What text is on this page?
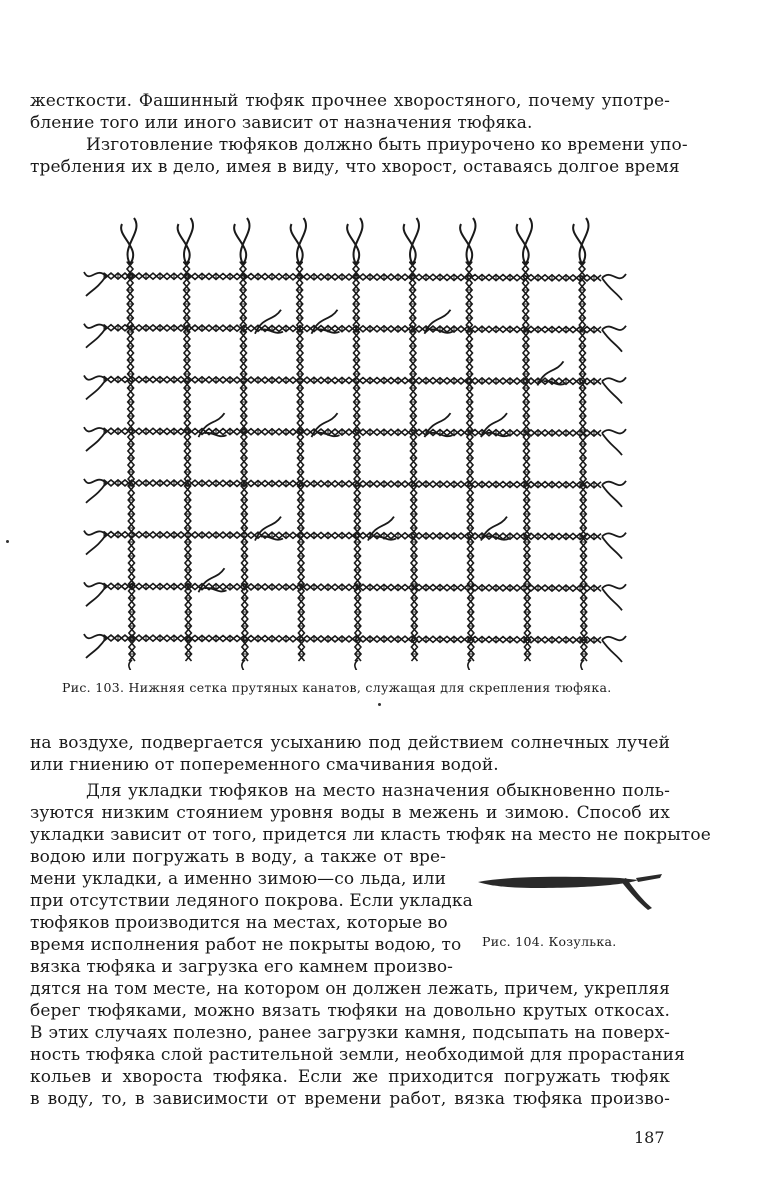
жесткости. Фашинный тюфяк прочнее хворостяного, почему употре-
бление того или иного зависит от назначения тюфяка.
Изготовление тюфяков должно быть приурочено ко времени упо-
требления их в дело, имея в виду, что хворост, оставаясь долгое время
Рис. 103. Нижняя сетка прутяных канатов, служащая для скрепления тюфяка.
на воздухе, подвергается усыханию под действием солнечных лучей
или гниению от попеременного смачивания водой.
Для укладки тюфяков на место назначения обыкновенно поль-
зуются низким стоянием уровня воды в межень и зимою. Способ их
укладки зависит от того, придется ли класть тюфяк на место не покрытое
водою или погружать в воду, а также от вре-
мени укладки, а именно зимою—со льда, или
при отсутствии ледяного покрова. Если укладка
тюфяков производится на местах, которые во
время исполнения работ не покрыты водою, то
вязка тюфяка и загрузка его камнем произво-
Рис. 104. Козулька.
дятся на том месте, на котором он должен лежать, причем, укрепляя
берег тюфяками, можно вязать тюфяки на довольно крутых откосах.
В этих случаях полезно, ранее загрузки камня, подсыпать на поверх-
ность тюфяка слой растительной земли, необходимой для прорастания
кольев и хвороста тюфяка. Если же приходится погружать тюфяк
в воду, то, в зависимости от времени работ, вязка тюфяка произво-
187
